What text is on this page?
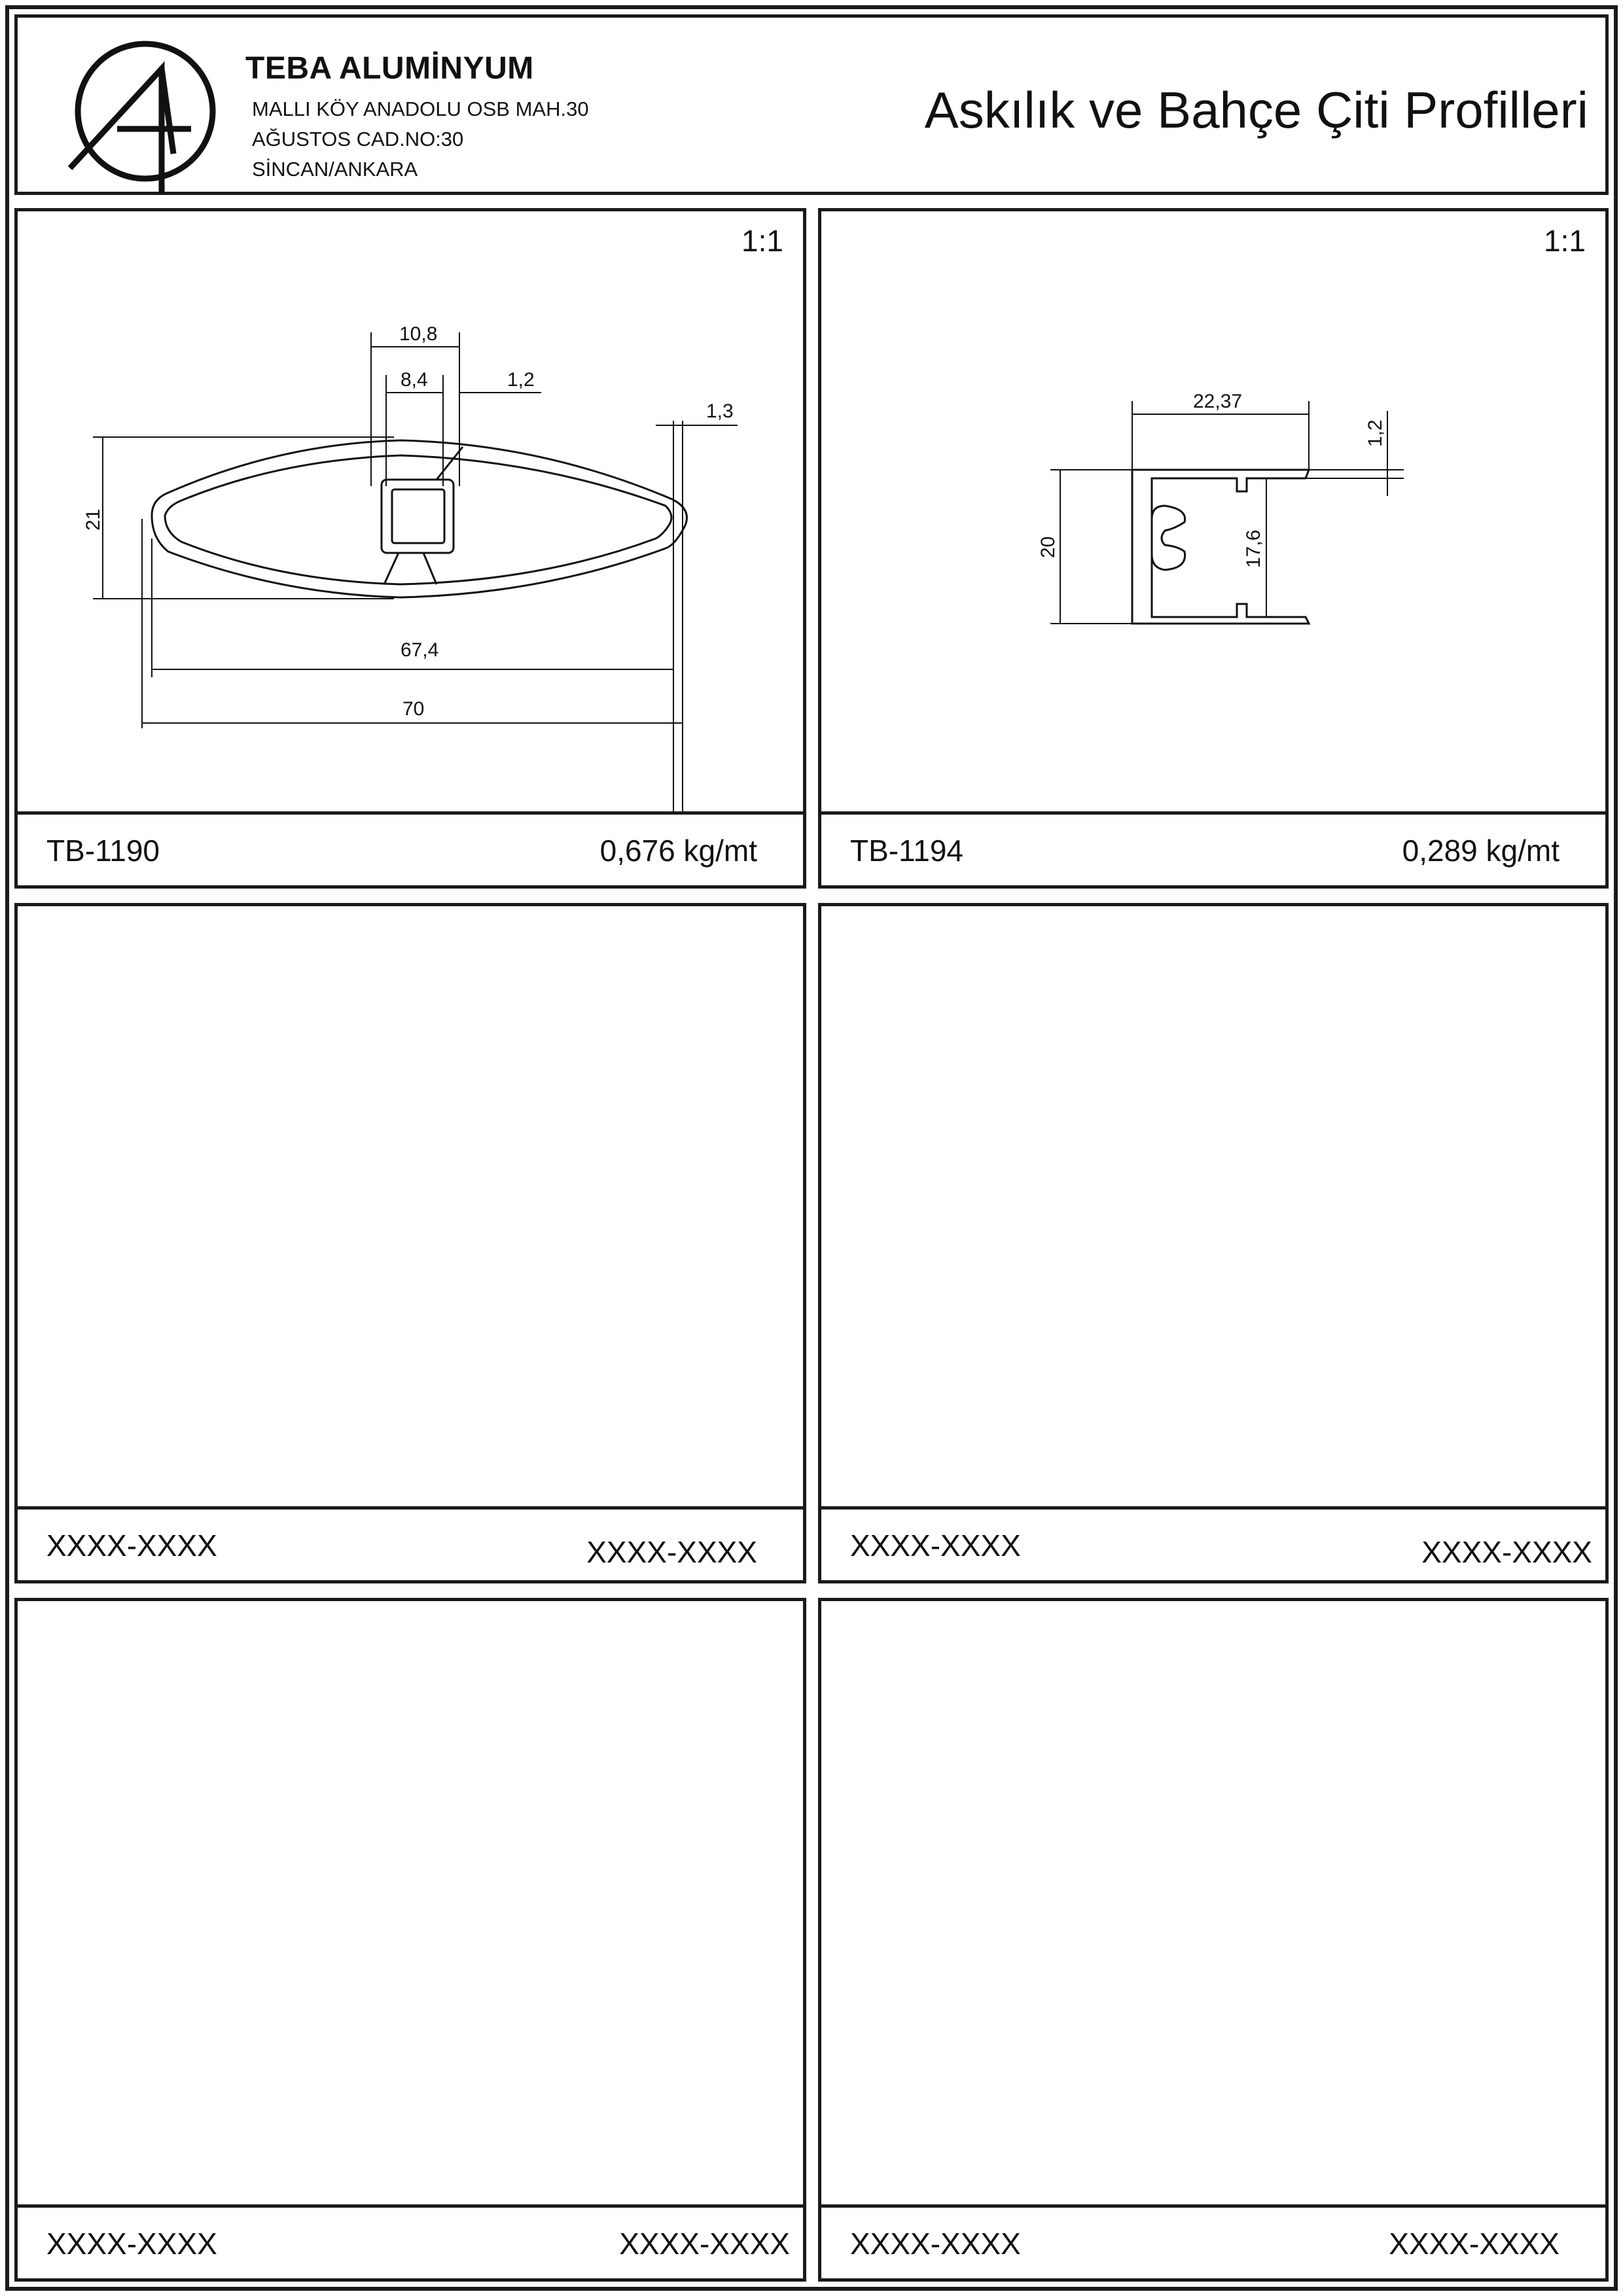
TEBA ALUMİNYUM
MALLI KÖY ANADOLU OSB MAH.30
AĞUSTOS CAD.NO:30
SİNCAN/ANKARA
Askılık ve Bahçe Çiti Profilleri
1:1
10,8
8,4	1,2
1,3
21
67,4
70
TB-1190	0,676 kg/mt
1:1
22,37
1,2
20	17,6
TB-1194	0,289 kg/mt
XXXX-XXXX	XXXX-XXXX	XXXX-XXXX	XXXX-XXXX
XXXX-XXXX	XXXX-XXXX XXXX-XXXX	XXXX-XXXX
